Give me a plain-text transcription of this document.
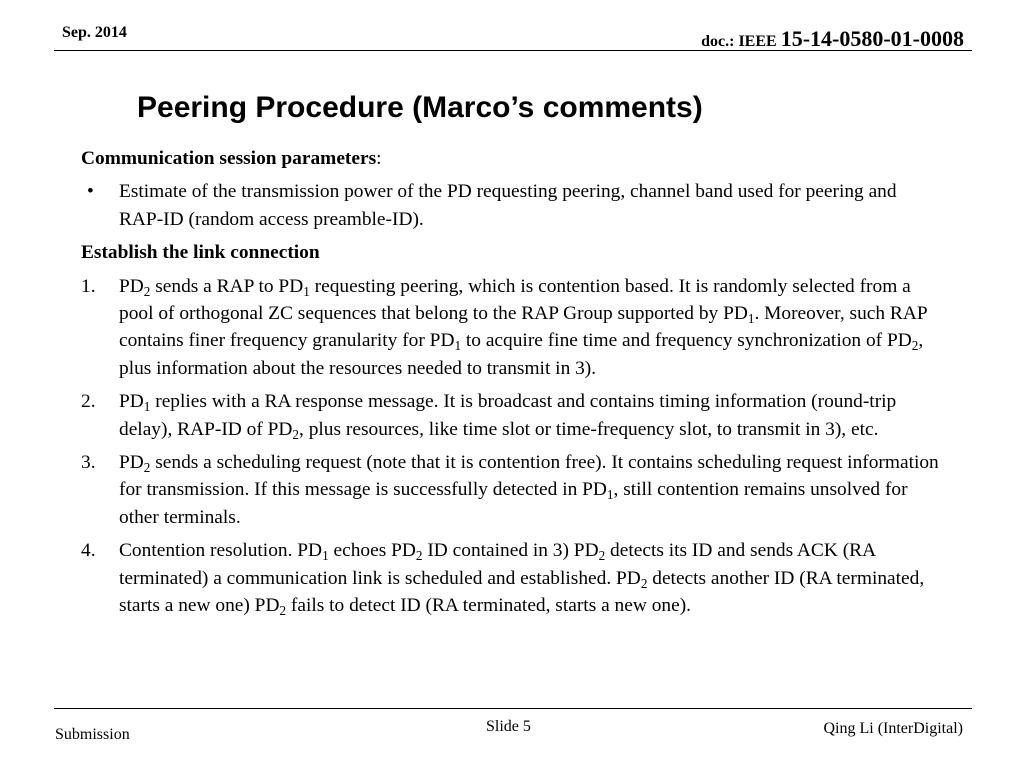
Sep. 2014
doc.: IEEE 15-14-0580-01-0008
Peering Procedure (Marco’s comments)
Communication session parameters:
• Estimate of the transmission power of the PD requesting peering, channel band used for peering and RAP-ID (random access preamble-ID).
Establish the link connection
1. $PD_2$ sends a RAP to $PD_1$ requesting peering, which is contention based. It is randomly selected from a pool of orthogonal ZC sequences that belong to the RAP Group supported by $PD_1$. Moreover, such RAP contains finer frequency granularity for $PD_1$ to acquire fine time and frequency synchronization of $PD_2$, plus information about the resources needed to transmit in 3).
2. $PD_1$ replies with a RA response message. It is broadcast and contains timing information (round-trip delay), RAP-ID of $PD_2$, plus resources, like time slot or time-frequency slot, to transmit in 3), etc.
3. $PD_2$ sends a scheduling request (note that it is contention free). It contains scheduling request information for transmission. If this message is successfully detected in $PD_1$, still contention remains unsolved for other terminals.
4. Contention resolution. $PD_1$ echoes $PD_2$ ID contained in 3) $PD_2$ detects its ID and sends ACK (RA terminated) a communication link is scheduled and established. $PD_2$ detects another ID (RA terminated, starts a new one) $PD_2$ fails to detect ID (RA terminated, starts a new one).
Submission	Slide 5	Qing Li (InterDigital)
